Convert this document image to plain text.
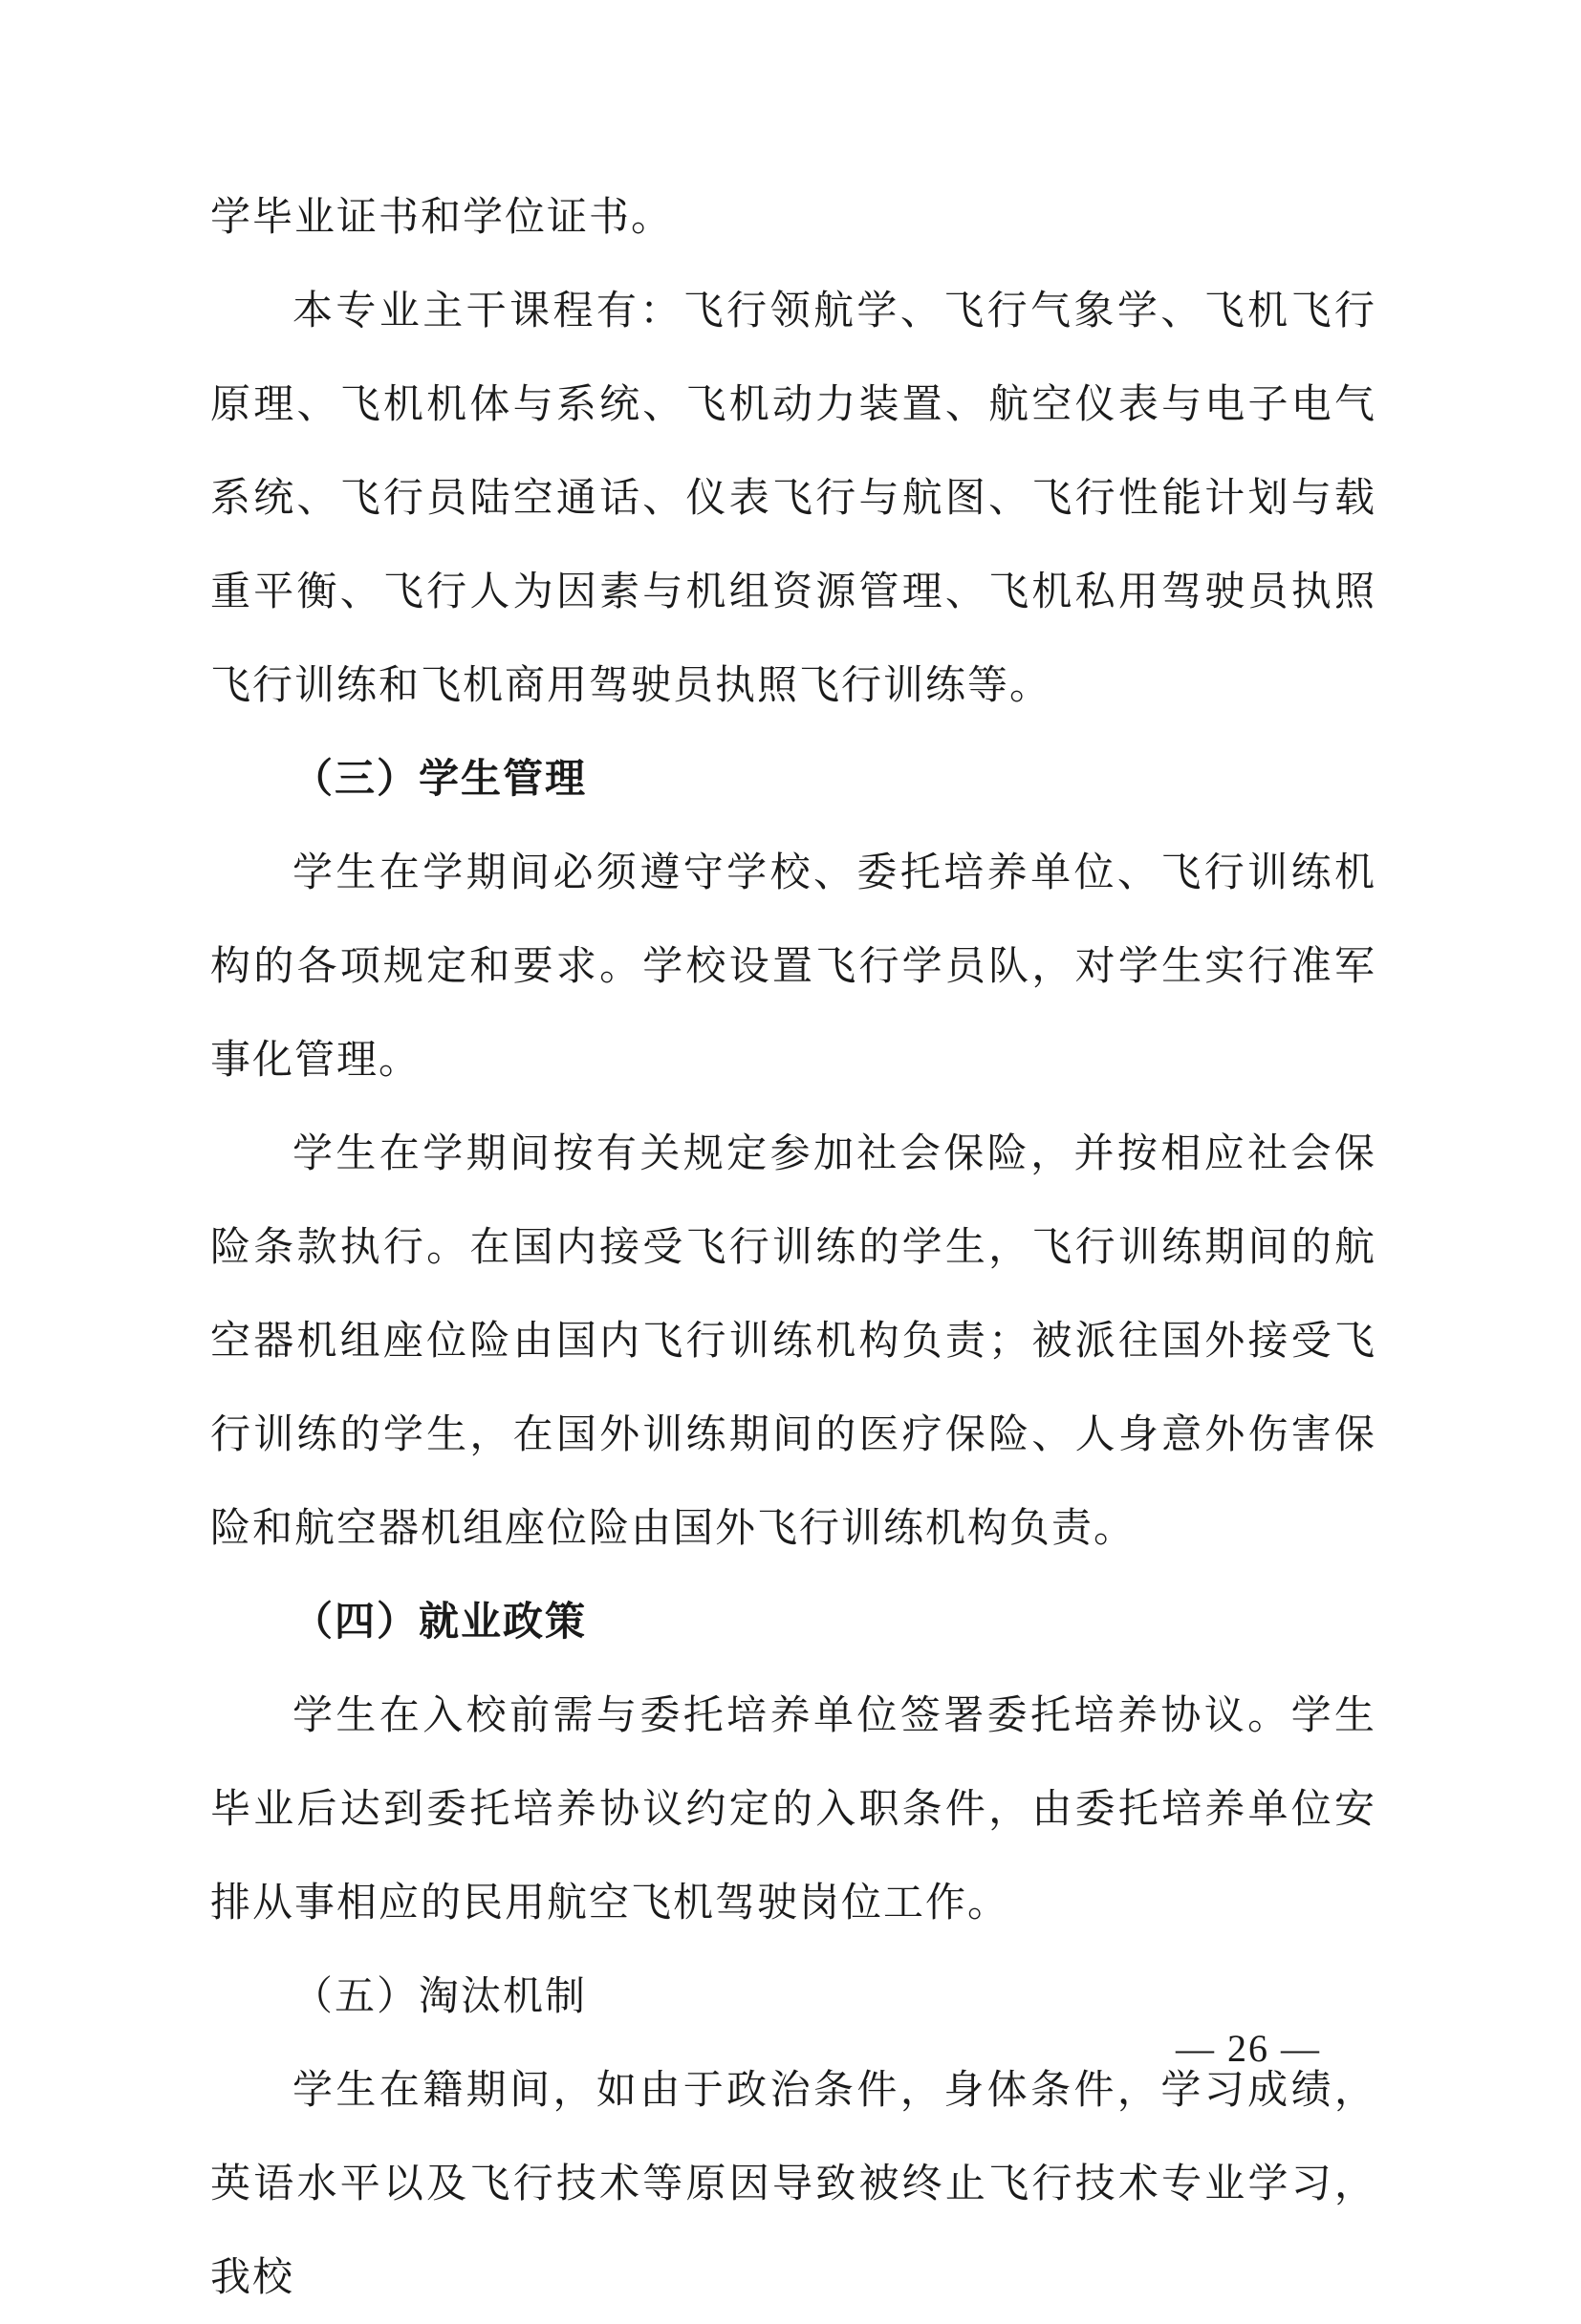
学毕业证书和学位证书。

本专业主干课程有：飞行领航学、飞行气象学、飞机飞行原理、飞机机体与系统、飞机动力装置、航空仪表与电子电气系统、飞行员陆空通话、仪表飞行与航图、飞行性能计划与载重平衡、飞行人为因素与机组资源管理、飞机私用驾驶员执照飞行训练和飞机商用驾驶员执照飞行训练等。

（三）学生管理

学生在学期间必须遵守学校、委托培养单位、飞行训练机构的各项规定和要求。学校设置飞行学员队，对学生实行准军事化管理。

学生在学期间按有关规定参加社会保险，并按相应社会保险条款执行。在国内接受飞行训练的学生，飞行训练期间的航空器机组座位险由国内飞行训练机构负责；被派往国外接受飞行训练的学生，在国外训练期间的医疗保险、人身意外伤害保险和航空器机组座位险由国外飞行训练机构负责。

（四）就业政策

学生在入校前需与委托培养单位签署委托培养协议。学生毕业后达到委托培养协议约定的入职条件，由委托培养单位安排从事相应的民用航空飞机驾驶岗位工作。

（五）淘汰机制

学生在籍期间，如由于政治条件，身体条件，学习成绩，英语水平以及飞行技术等原因导致被终止飞行技术专业学习，我校

— 26 —
